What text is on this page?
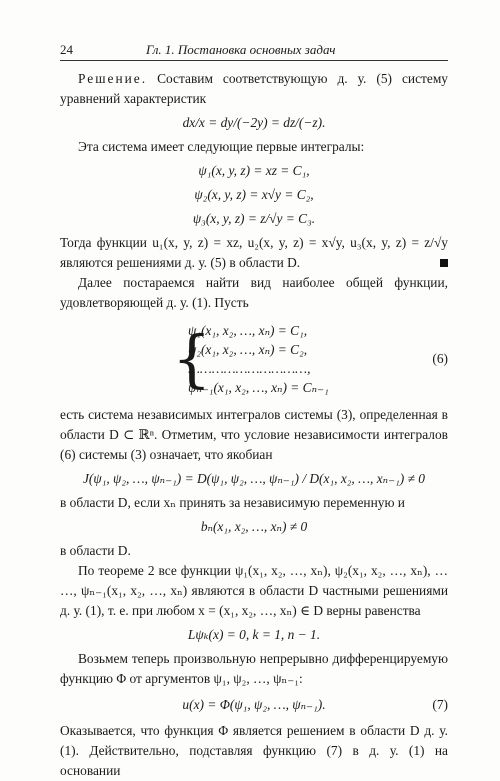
24	Гл. 1. Постановка основных задач

Решение. Составим соответствующую д. у. (5) систему уравнений характеристик

dx/x = dy/(−2y) = dz/(−z).

Эта система имеет следующие первые интегралы:

ψ₁(x, y, z) = xz = C₁,
ψ₂(x, y, z) = x√y = C₂,
ψ₃(x, y, z) = z/√y = C₃.

Тогда функции u₁(x, y, z) = xz, u₂(x, y, z) = x√y, u₃(x, y, z) = z/√y являются решениями д. у. (5) в области D.

Далее постараемся найти вид наиболее общей функции, удовлетворяющей д. у. (1). Пусть

{
ψ₁(x₁, x₂, …, xₙ) = C₁,
ψ₂(x₁, x₂, …, xₙ) = C₂,
…………………………,
ψₙ₋₁(x₁, x₂, …, xₙ) = Cₙ₋₁
(6)

есть система независимых интегралов системы (3), определенная в области D ⊂ ℝⁿ. Отметим, что условие независимости интегралов (6) системы (3) означает, что якобиан

J(ψ₁, ψ₂, …, ψₙ₋₁) = D(ψ₁, ψ₂, …, ψₙ₋₁) / D(x₁, x₂, …, xₙ₋₁) ≠ 0

в области D, если xₙ принять за независимую переменную и

bₙ(x₁, x₂, …, xₙ) ≠ 0

в области D.

По теореме 2 все функции ψ₁(x₁, x₂, …, xₙ), ψ₂(x₁, x₂, …, xₙ), … …, ψₙ₋₁(x₁, x₂, …, xₙ) являются в области D частными решениями д. у. (1), т. е. при любом x = (x₁, x₂, …, xₙ) ∈ D верны равенства

Lψₖ(x) = 0, k = 1, n − 1.

Возьмем теперь произвольную непрерывно дифференцируемую функцию Φ от аргументов ψ₁, ψ₂, …, ψₙ₋₁:

u(x) = Φ(ψ₁, ψ₂, …, ψₙ₋₁).	(7)

Оказывается, что функция Φ является решением в области D д. у. (1). Действительно, подставляя функцию (7) в д. у. (1) на основании
